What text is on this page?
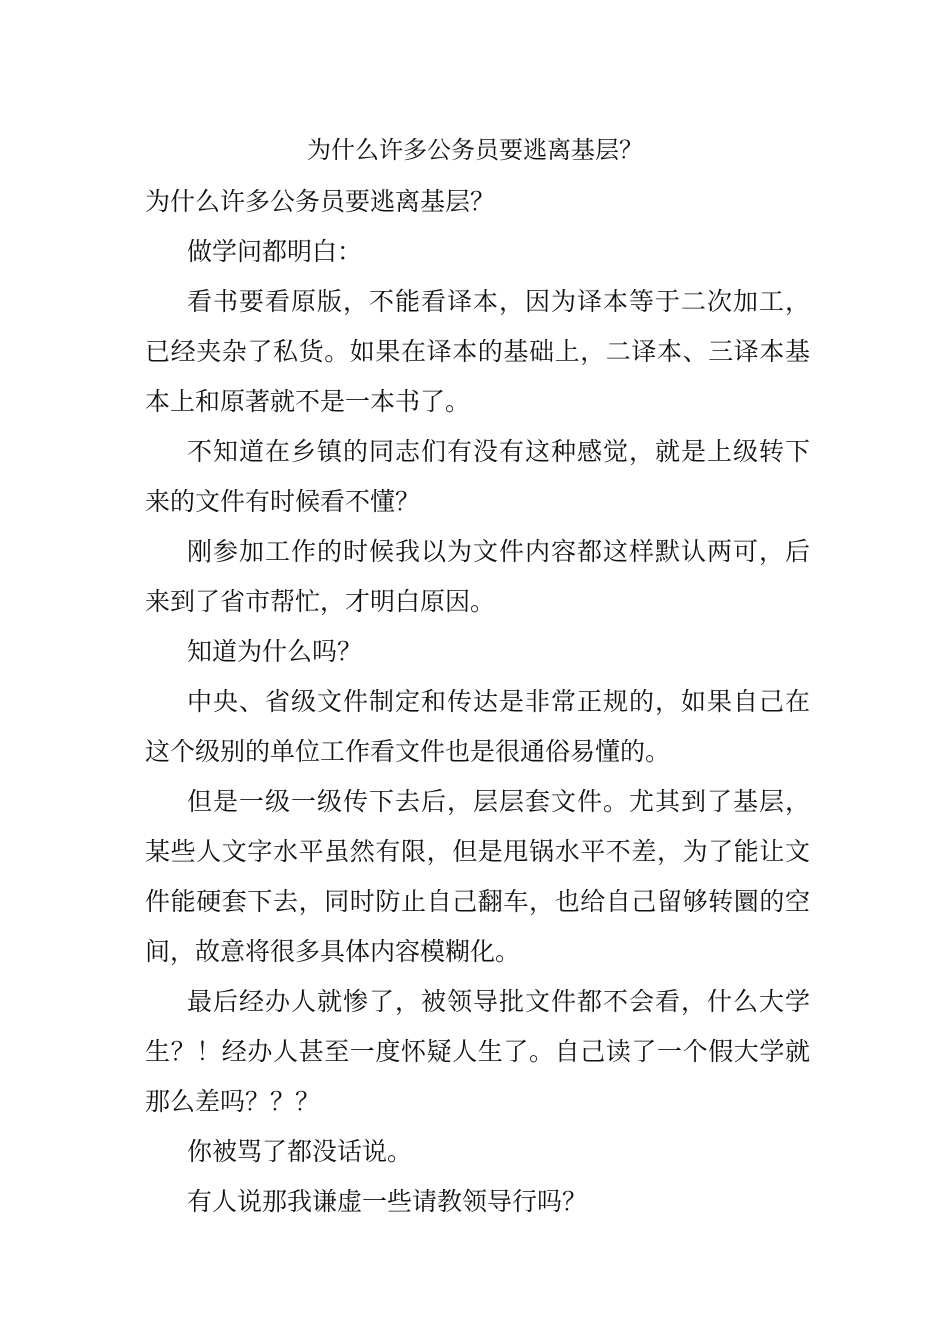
为什么许多公务员要逃离基层？

为什么许多公务员要逃离基层？

做学问都明白：

看书要看原版，不能看译本，因为译本等于二次加工，已经夹杂了私货。如果在译本的基础上，二译本、三译本基本上和原著就不是一本书了。

不知道在乡镇的同志们有没有这种感觉，就是上级转下来的文件有时候看不懂？

刚参加工作的时候我以为文件内容都这样默认两可，后来到了省市帮忙，才明白原因。

知道为什么吗？

中央、省级文件制定和传达是非常正规的，如果自己在这个级别的单位工作看文件也是很通俗易懂的。

但是一级一级传下去后，层层套文件。尤其到了基层，某些人文字水平虽然有限，但是甩锅水平不差，为了能让文件能硬套下去，同时防止自己翻车，也给自己留够转圜的空间，故意将很多具体内容模糊化。

最后经办人就惨了，被领导批文件都不会看，什么大学生？！经办人甚至一度怀疑人生了。自己读了一个假大学就那么差吗？？？

你被骂了都没话说。

有人说那我谦虚一些请教领导行吗？
